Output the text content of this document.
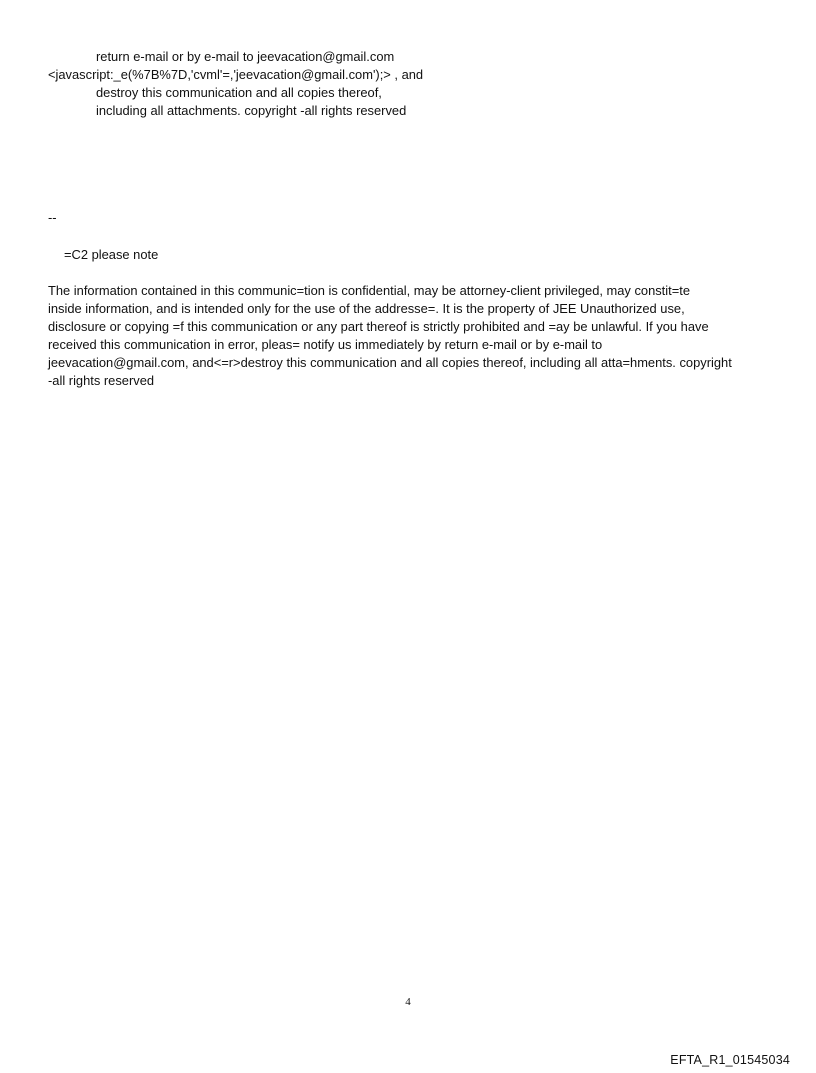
return e-mail or by e-mail to jeevacation@gmail.com
<javascript:_e(%7B%7D,'cvml'=,'jeevacation@gmail.com');> , and
destroy this communication and all copies thereof,
including all attachments. copyright -all rights reserved
--
=C2 please note
The information contained in this communic=tion is confidential, may be attorney-client privileged, may constit=te
inside information, and is intended only for the use of the addresse=. It is the property of JEE Unauthorized use,
disclosure or copying =f this communication or any part thereof is strictly prohibited and =ay be unlawful. If you have
received this communication in error, pleas= notify us immediately by return e-mail or by e-mail to
jeevacation@gmail.com, and<=r>destroy this communication and all copies thereof, including all atta=hments. copyright
-all rights reserved
4
EFTA_R1_01545034
